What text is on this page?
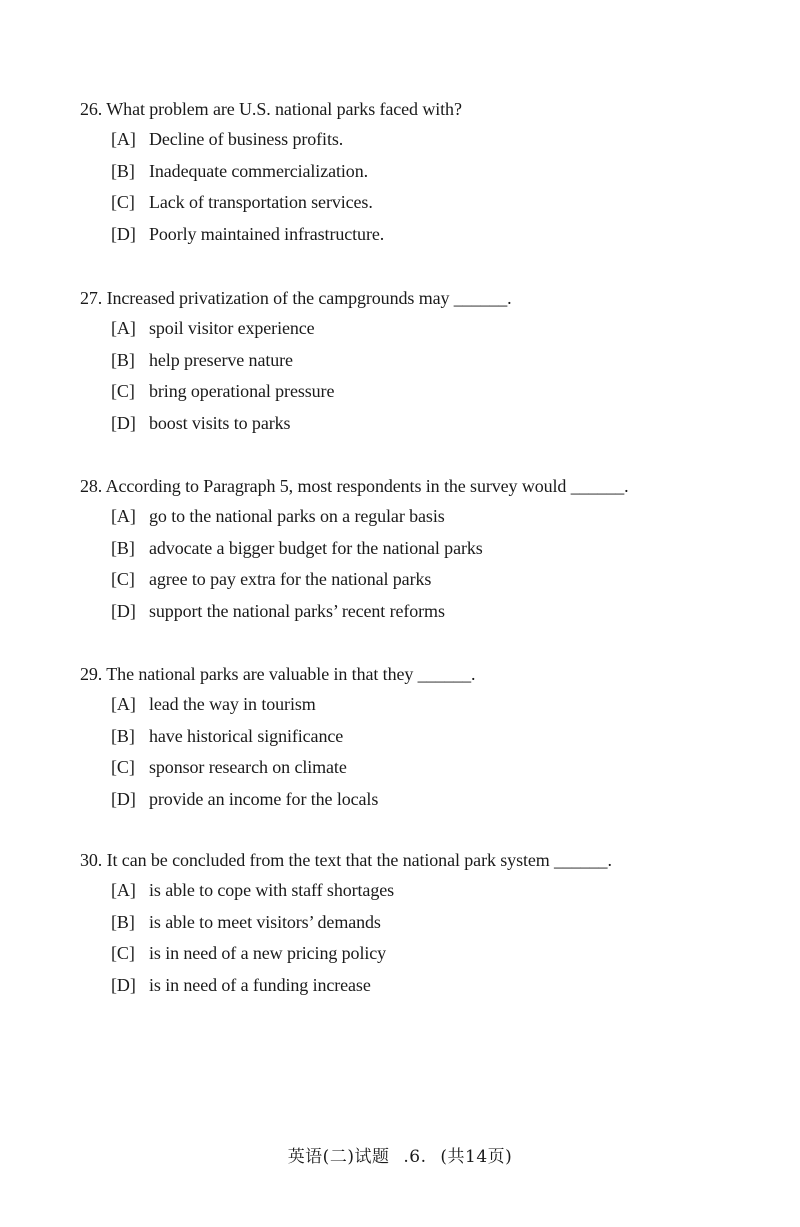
26. What problem are U.S. national parks faced with?
[A] Decline of business profits.
[B] Inadequate commercialization.
[C] Lack of transportation services.
[D] Poorly maintained infrastructure.
27. Increased privatization of the campgrounds may ______.
[A] spoil visitor experience
[B] help preserve nature
[C] bring operational pressure
[D] boost visits to parks
28. According to Paragraph 5, most respondents in the survey would ______.
[A] go to the national parks on a regular basis
[B] advocate a bigger budget for the national parks
[C] agree to pay extra for the national parks
[D] support the national parks’ recent reforms
29. The national parks are valuable in that they ______.
[A] lead the way in tourism
[B] have historical significance
[C] sponsor research on climate
[D] provide an income for the locals
30. It can be concluded from the text that the national park system ______.
[A] is able to cope with staff shortages
[B] is able to meet visitors’ demands
[C] is in need of a new pricing policy
[D] is in need of a funding increase
英语(二)试题 .6. (共14页)
